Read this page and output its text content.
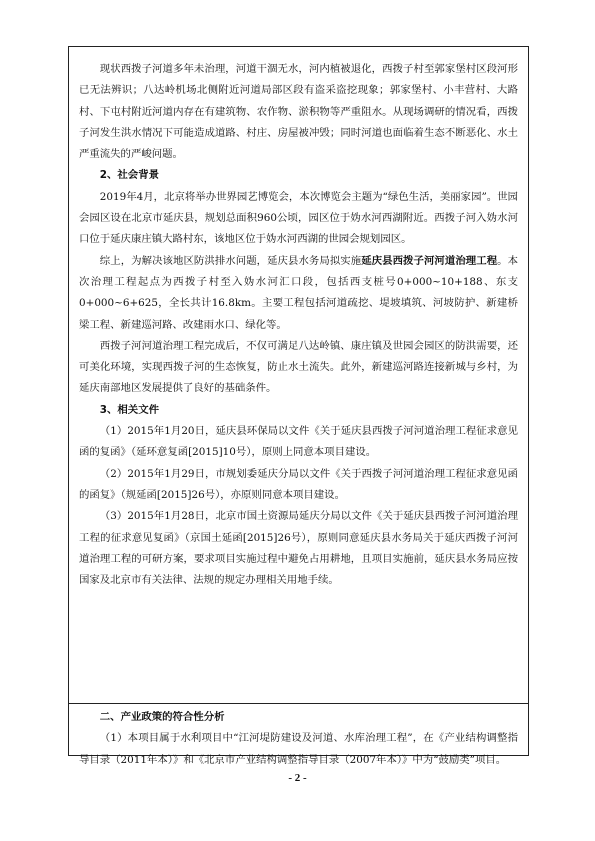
现状西拨子河道多年未治理，河道干涸无水，河内植被退化，西拨子村至郭家堡村区段河形已无法辨识；八达岭机场北侧附近河道局部区段有盗采盗挖现象；郭家堡村、小丰营村、大路村、下屯村附近河道内存在有建筑物、农作物、淤积物等严重阻水。从现场调研的情况看，西拨子河发生洪水情况下可能造成道路、村庄、房屋被冲毁；同时河道也面临着生态不断恶化、水土严重流失的严峻问题。

2、社会背景

2019年4月，北京将举办世界园艺博览会，本次博览会主题为“绿色生活，美丽家园”。世园会园区设在北京市延庆县，规划总面积960公顷，园区位于妫水河西湖附近。西拨子河入妫水河口位于延庆康庄镇大路村东，该地区位于妫水河西湖的世园会规划园区。

综上，为解决该地区防洪排水问题，延庆县水务局拟实施延庆县西拨子河河道治理工程。本次治理工程起点为西拨子村至入妫水河汇口段，包括西支桩号0+000~10+188、东支0+000~6+625，全长共计16.8km。主要工程包括河道疏挖、堤坡填筑、河坡防护、新建桥梁工程、新建巡河路、改建雨水口、绿化等。

西拨子河河道治理工程完成后，不仅可满足八达岭镇、康庄镇及世园会园区的防洪需要，还可美化环境，实现西拨子河的生态恢复，防止水土流失。此外，新建巡河路连接新城与乡村，为延庆南部地区发展提供了良好的基础条件。

3、相关文件

（1）2015年1月20日，延庆县环保局以文件《关于延庆县西拨子河河道治理工程征求意见函的复函》（延环意复函[2015]10号），原则上同意本项目建设。

（2）2015年1月29日，市规划委延庆分局以文件《关于西拨子河河道治理工程征求意见函的函复》（规延函[2015]26号），亦原则同意本项目建设。

（3）2015年1月28日，北京市国土资源局延庆分局以文件《关于延庆县西拨子河河道治理工程的征求意见复函》（京国土延函[2015]26号），原则同意延庆县水务局关于延庆西拨子河河道治理工程的可研方案，要求项目实施过程中避免占用耕地，且项目实施前，延庆县水务局应按国家及北京市有关法律、法规的规定办理相关用地手续。

二、产业政策的符合性分析

（1）本项目属于水利项目中“江河堤防建设及河道、水库治理工程”，在《产业结构调整指导目录（2011年本）》和《北京市产业结构调整指导目录（2007年本）》中为“鼓励类”项目。

- 2 -
